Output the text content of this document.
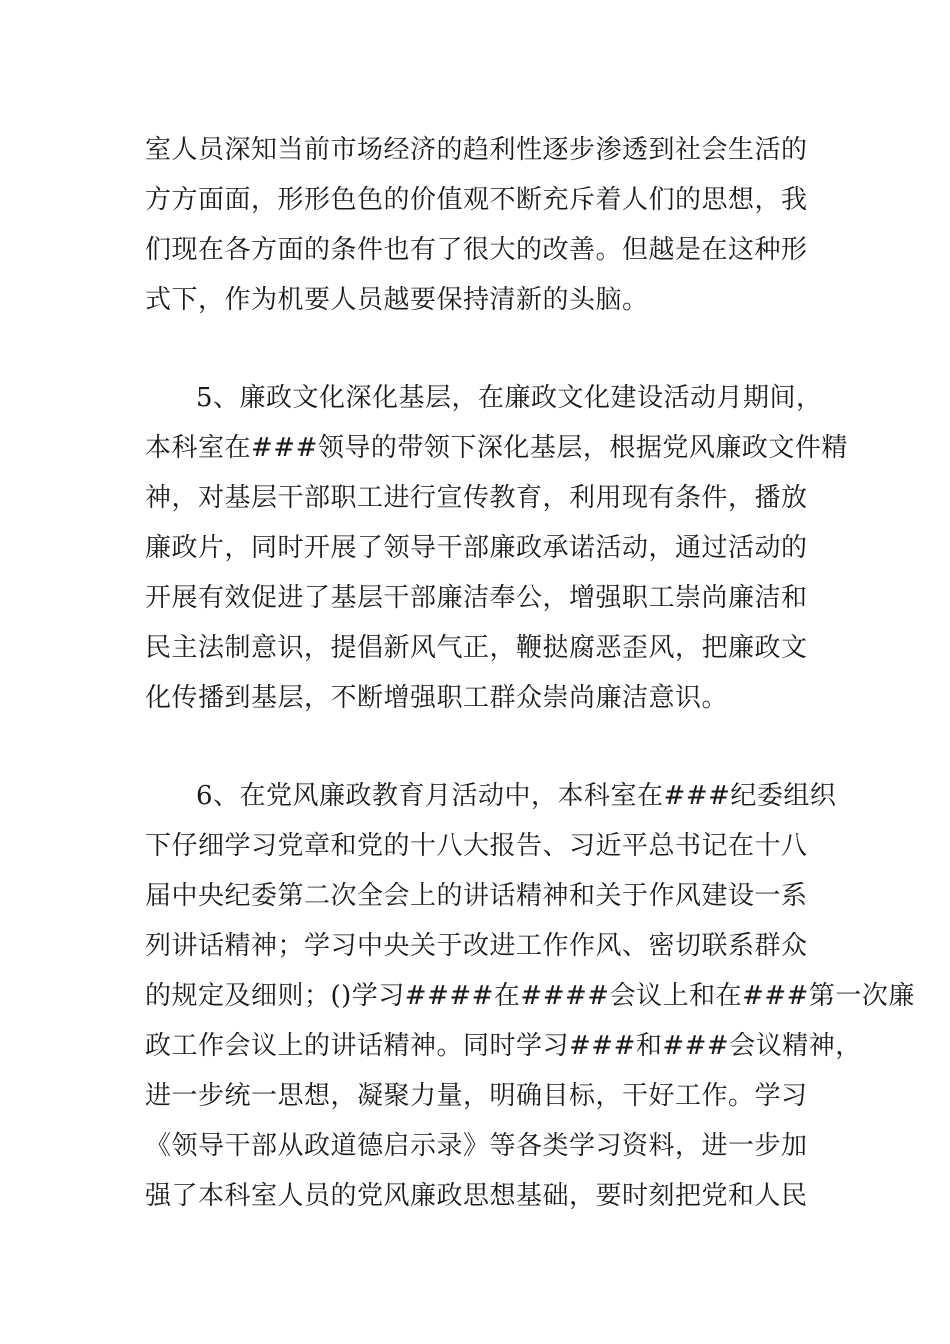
室人员深知当前市场经济的趋利性逐步渗透到社会生活的
方方面面，形形色色的价值观不断充斥着人们的思想，我
们现在各方面的条件也有了很大的改善。但越是在这种形
式下，作为机要人员越要保持清新的头脑。
5、廉政文化深化基层，在廉政文化建设活动月期间，
本科室在###领导的带领下深化基层，根据党风廉政文件精
神，对基层干部职工进行宣传教育，利用现有条件，播放
廉政片，同时开展了领导干部廉政承诺活动，通过活动的
开展有效促进了基层干部廉洁奉公，增强职工崇尚廉洁和
民主法制意识，提倡新风气正，鞭挞腐恶歪风，把廉政文
化传播到基层，不断增强职工群众崇尚廉洁意识。
6、在党风廉政教育月活动中，本科室在###纪委组织
下仔细学习党章和党的十八大报告、习近平总书记在十八
届中央纪委第二次全会上的讲话精神和关于作风建设一系
列讲话精神；学习中央关于改进工作作风、密切联系群众
的规定及细则；()学习####在####会议上和在###第一次廉
政工作会议上的讲话精神。同时学习###和###会议精神，
进一步统一思想，凝聚力量，明确目标，干好工作。学习
《领导干部从政道德启示录》等各类学习资料，进一步加
强了本科室人员的党风廉政思想基础，要时刻把党和人民
